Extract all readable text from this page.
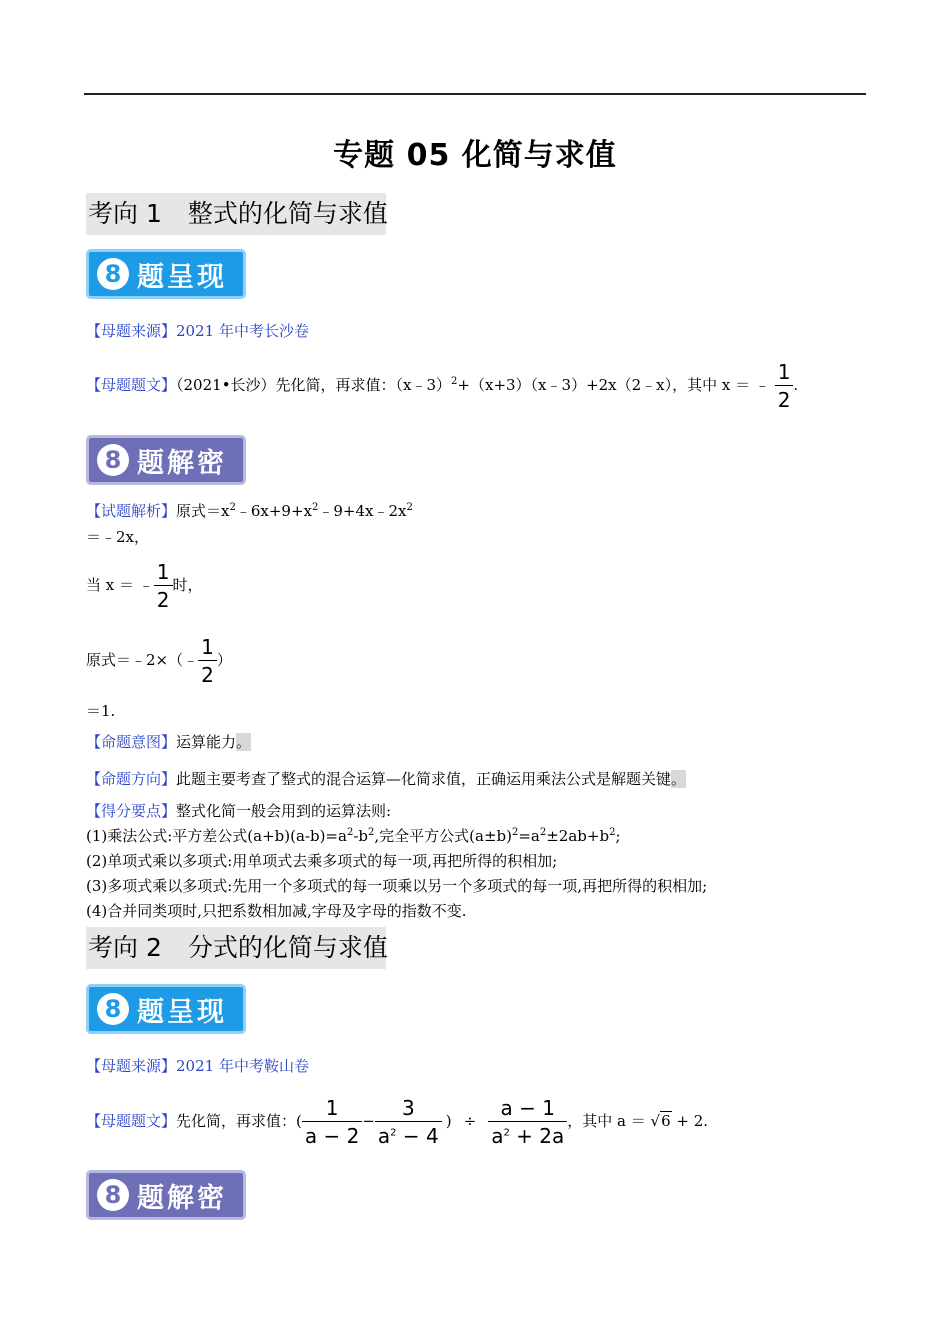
专题 05 化简与求值
考向 1 整式的化简与求值
8 题呈现
【母题来源】2021 年中考长沙卷
【母题题文】（2021•长沙）先化简，再求值：（x﹣3）$^2$+（x+3）（x﹣3）+2x（2﹣x），其中 x ＝ ﹣ $\frac{1}{2}$ .
8 题解密
【试题解析】原式$=x^2﹣6x+9+x^2﹣9+4x﹣2x^2$
＝﹣2x，
当 x ＝ ﹣ $\frac{1}{2}$ 时，
原式＝﹣2×（﹣ $\frac{1}{2}$ ）
＝1.
【命题意图】运算能力。
【命题方向】此题主要考查了整式的混合运算—化简求值，正确运用乘法公式是解题关键。
【得分要点】整式化简一般会用到的运算法则:
(1)乘法公式:平方差公式$(a+b)(a-b)=a^2-b^2$,完全平方公式$(a\pm b)^2=a^2\pm 2ab+b^2$;
(2)单项式乘以多项式:用单项式去乘多项式的每一项,再把所得的积相加;
(3)多项式乘以多项式:先用一个多项式的每一项乘以另一个多项式的每一项,再把所得的积相加;
(4)合并同类项时,只把系数相加减,字母及字母的指数不变.
考向 2 分式的化简与求值
8 题呈现
【母题来源】2021 年中考鞍山卷
【母题题文】先化简，再求值：( $\frac{1}{a - 2} - \frac{3}{a^2 - 4}$ ) ÷ $\frac{a - 1}{a^2 + 2a}$ ，其中 a ＝ √6 + 2.
8 题解密
